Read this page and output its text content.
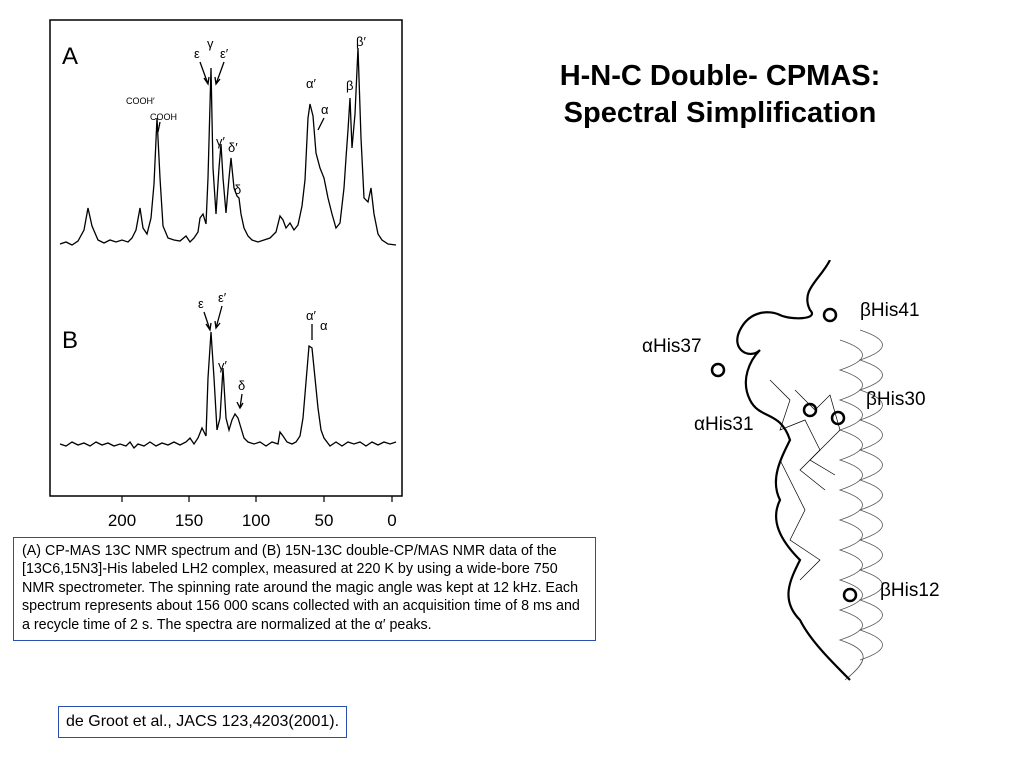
H-N-C Double- CPMAS:
Spectral Simplification
A
B
200 150 100	50	0
COOH′
COOH
ε
γ
ε′
γ′ δ′
δ
α′
α
β
β′
ε ε′
γ′
δ
α′
α
βHis41
αHis37
βHis30
αHis31
βHis12
(A) CP-MAS 13C NMR spectrum and (B) 15N-13C double-CP/MAS NMR data of the [13C6,15N3]-His labeled LH2 complex, measured at 220 K by using a wide-bore 750 NMR spectrometer. The spinning rate around the magic angle was kept at 12 kHz. Each spectrum represents about 156 000 scans collected with an acquisition time of 8 ms and a recycle time of 2 s. The spectra are normalized at the α′ peaks.
de Groot et al., JACS 123,4203(2001).
